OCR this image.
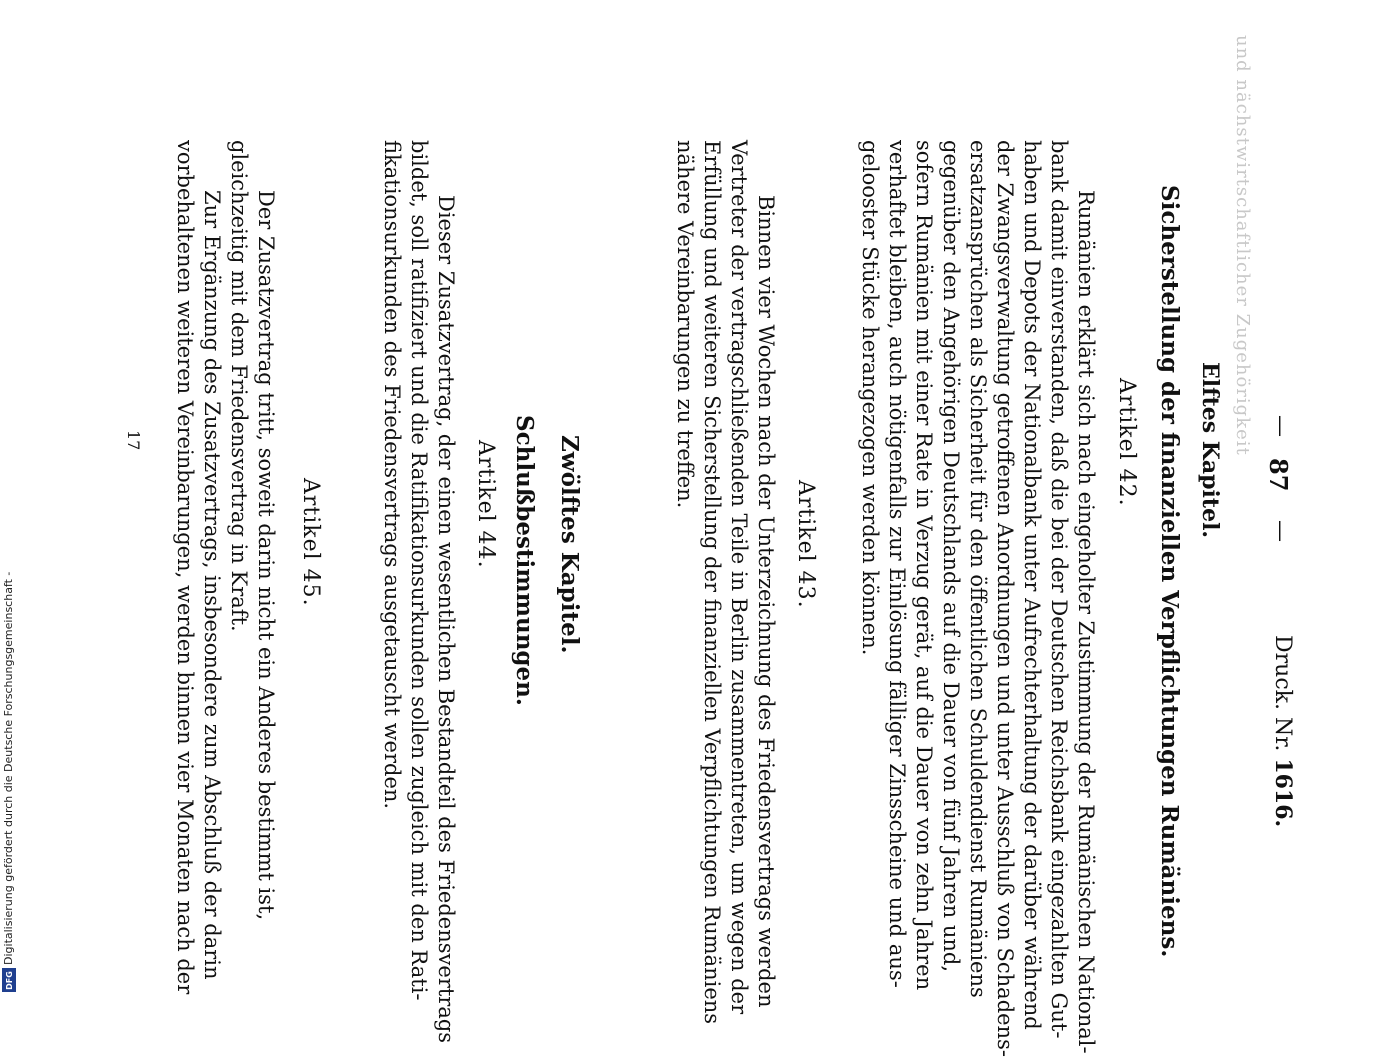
—
87
—
Druck. Nr. 1616.
und nächstwirtschaftlicher Zugehörigkeit
Elftes Kapitel.
Sicherstellung der finanziellen Verpflichtungen Rumäniens.
Artikel 42.
Rumänien erklärt sich nach eingeholter Zustimmung der Rumänischen National-
bank damit einverstanden, daß die bei der Deutschen Reichsbank eingezahlten Gut-
haben und Depots der Nationalbank unter Aufrechterhaltung der darüber während
der Zwangsverwaltung getroffenen Anordnungen und unter Ausschluß von Schadens-
ersatzansprüchen als Sicherheit für den öffentlichen Schuldendienst Rumäniens
gegenüber den Angehörigen Deutschlands auf die Dauer von fünf Jahren und,
sofern Rumänien mit einer Rate in Verzug gerät, auf die Dauer von zehn Jahren
verhaftet bleiben, auch nötigenfalls zur Einlösung fälliger Zinsscheine und aus-
gelooster Stücke herangezogen werden können.
Artikel 43.
Binnen vier Wochen nach der Unterzeichnung des Friedensvertrags werden
Vertreter der vertragschließenden Teile in Berlin zusammentreten, um wegen der
Erfüllung und weiteren Sicherstellung der finanziellen Verpflichtungen Rumäniens
nähere Vereinbarungen zu treffen.
Zwölftes Kapitel.
Schlußbestimmungen.
Artikel 44.
Dieser Zusatzvertrag, der einen wesentlichen Bestandteil des Friedensvertrags
bildet, soll ratifiziert und die Ratifikationsurkunden sollen zugleich mit den Rati-
fikationsurkunden des Friedensvertrags ausgetauscht werden.
Artikel 45.
Der Zusatzvertrag tritt, soweit darin nicht ein Anderes bestimmt ist,
gleichzeitig mit dem Friedensvertrag in Kraft.
Zur Ergänzung des Zusatzvertrags, insbesondere zum Abschluß der darin
vorbehaltenen weiteren Vereinbarungen, werden binnen vier Monaten nach der
17
Digitalisierung gefördert durch die Deutsche Forschungsgemeinschaft -
DFG
